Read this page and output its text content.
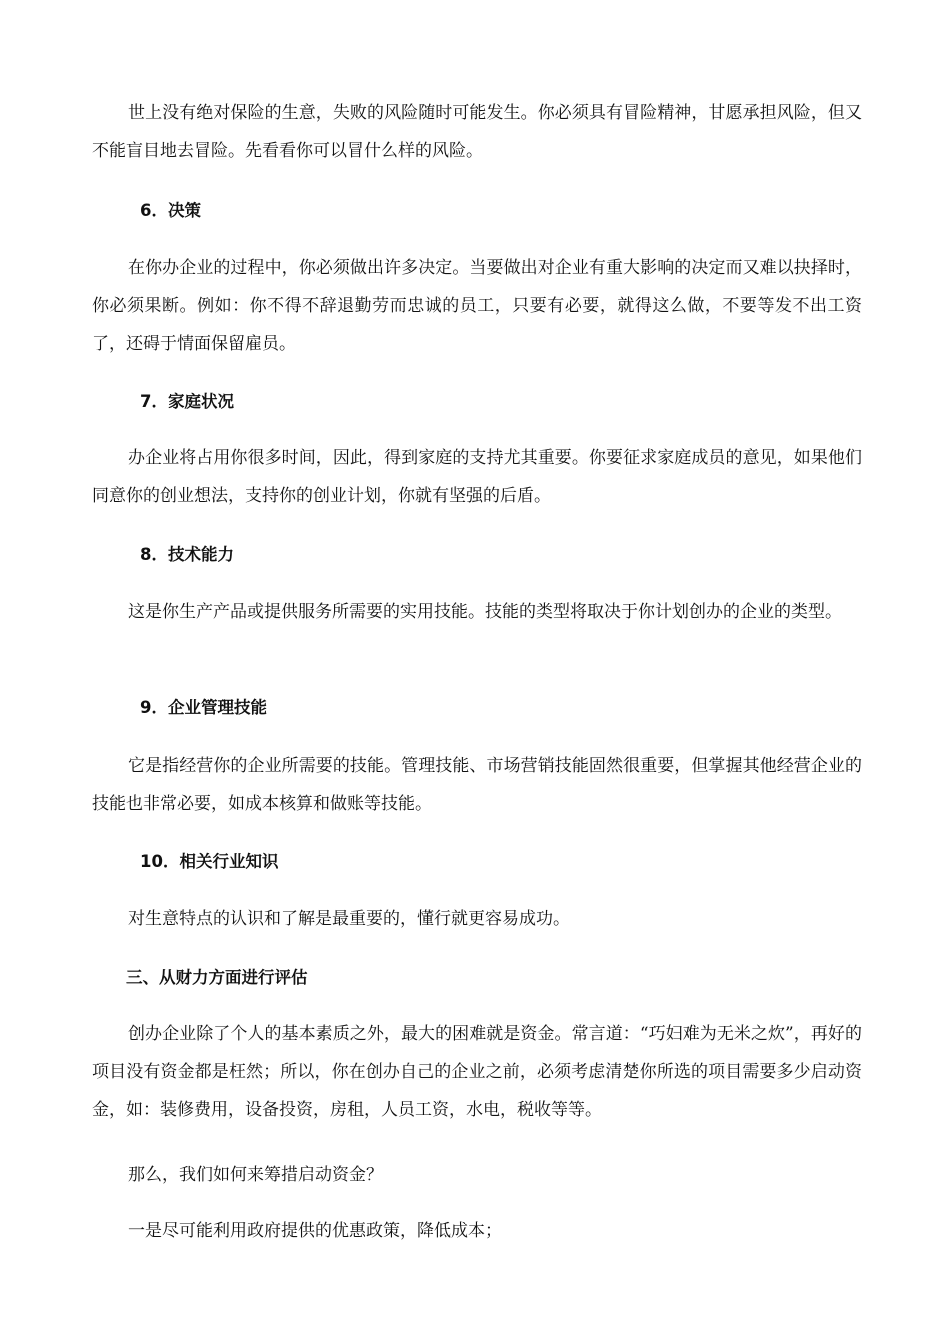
世上没有绝对保险的生意，失败的风险随时可能发生。你必须具有冒险精神，甘愿承担风险，但又不能盲目地去冒险。先看看你可以冒什么样的风险。

6．决策

在你办企业的过程中，你必须做出许多决定。当要做出对企业有重大影响的决定而又难以抉择时，你必须果断。例如：你不得不辞退勤劳而忠诚的员工，只要有必要，就得这么做，不要等发不出工资了，还碍于情面保留雇员。

7．家庭状况

办企业将占用你很多时间，因此，得到家庭的支持尤其重要。你要征求家庭成员的意见，如果他们同意你的创业想法，支持你的创业计划，你就有坚强的后盾。

8．技术能力

这是你生产产品或提供服务所需要的实用技能。技能的类型将取决于你计划创办的企业的类型。

9．企业管理技能

它是指经营你的企业所需要的技能。管理技能、市场营销技能固然很重要，但掌握其他经营企业的技能也非常必要，如成本核算和做账等技能。

10．相关行业知识

对生意特点的认识和了解是最重要的，懂行就更容易成功。

三、从财力方面进行评估

创办企业除了个人的基本素质之外，最大的困难就是资金。常言道：“巧妇难为无米之炊”，再好的项目没有资金都是枉然；所以，你在创办自己的企业之前，必须考虑清楚你所选的项目需要多少启动资金，如：装修费用，设备投资，房租，人员工资，水电，税收等等。

那么，我们如何来筹措启动资金？

一是尽可能利用政府提供的优惠政策，降低成本；
